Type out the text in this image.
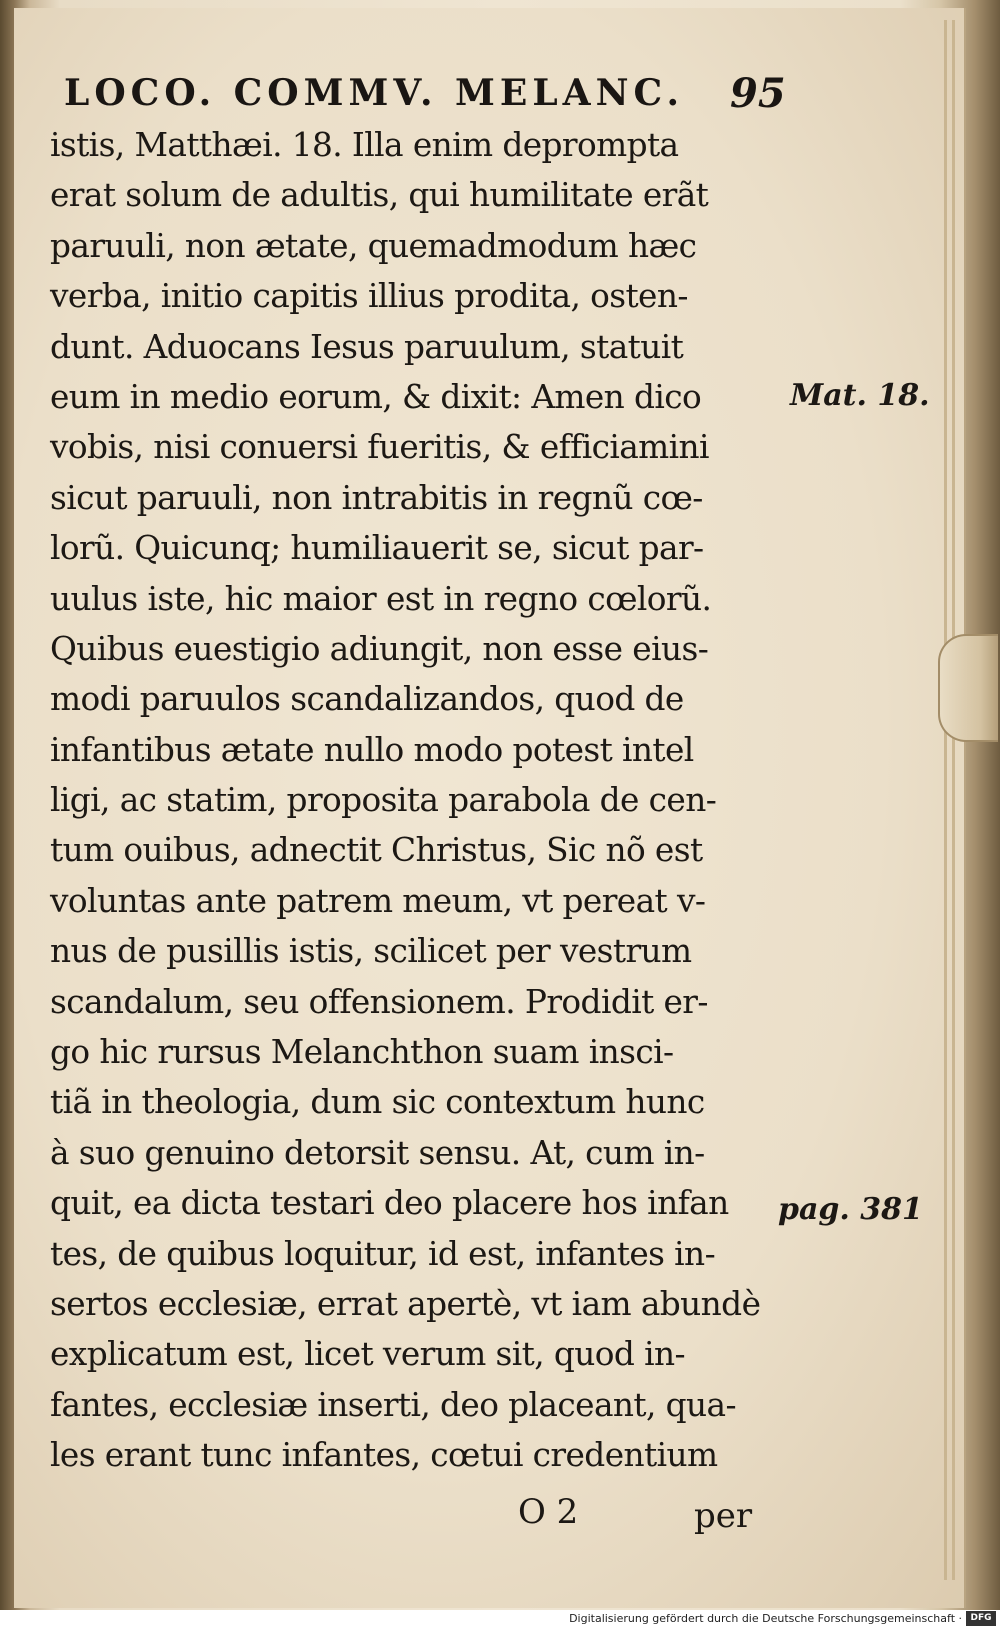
LOCO. COMMV. MELANC.	95
istis, Matthæi. 18. Illa enim deprompta
erat solum de adultis, qui humilitate erãt
paruuli, non ætate, quemadmodum hæc
verba, initio capitis illius prodita, osten-
dunt. Aduocans Iesus paruulum, statuit
eum in medio eorum, & dixit: Amen dico
vobis, nisi conuersi fueritis, & efficiamini
sicut paruuli, non intrabitis in regnũ cœ-
lorũ. Quicunq; humiliauerit se, sicut par-
uulus iste, hic maior est in regno cœlorũ.
Quibus euestigio adiungit, non esse eius-
modi paruulos scandalizandos, quod de
infantibus ætate nullo modo potest intel
ligi, ac statim, proposita parabola de cen-
tum ouibus, adnectit Christus, Sic nõ est
voluntas ante patrem meum, vt pereat v-
nus de pusillis istis, scilicet per vestrum
scandalum, seu offensionem. Prodidit er-
go hic rursus Melanchthon suam insci-
tiã in theologia, dum sic contextum hunc
à suo genuino detorsit sensu. At, cum in-
quit, ea dicta testari deo placere hos infan
tes, de quibus loquitur, id est, infantes in-
sertos ecclesiæ, errat apertè, vt iam abundè
explicatum est, licet verum sit, quod in-
fantes, ecclesiæ inserti, deo placeant, qua-
les erant tunc infantes, cœtui credentium
Mat. 18.
pag. 381
O 2	per
Digitalisierung gefördert durch die Deutsche Forschungsgemeinschaft · DFG
